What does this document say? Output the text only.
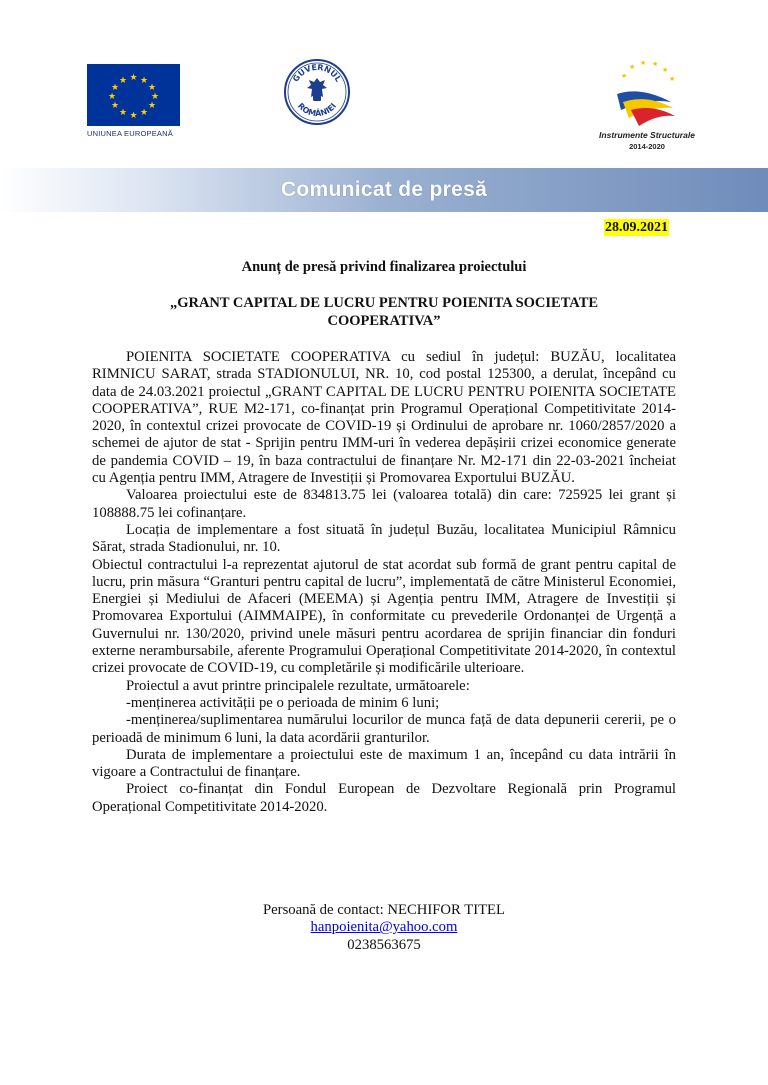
★ ★
★
★
★
★
★
★
★
★
★
★
UNIUNEA EUROPEANĂ
GUVERNUL
ROMÂNIEI
★
★ ★ ★
★
★
Instrumente Structurale
2014-2020
Comunicat de presă
28.09.2021
Anunț de presă privind finalizarea proiectului
„GRANT CAPITAL DE LUCRU PENTRU POIENITA SOCIETATE
COOPERATIVA”

POIENITA SOCIETATE COOPERATIVA cu sediul în județul: BUZĂU, localitatea RIMNICU SARAT, strada STADIONULUI, NR. 10, cod postal 125300, a derulat, începând cu data de 24.03.2021 proiectul „GRANT CAPITAL DE LUCRU PENTRU POIENITA SOCIETATE COOPERATIVA”, RUE M2-171, co-finanțat prin Programul Operațional Competitivitate 2014-2020, în contextul crizei provocate de COVID-19 și Ordinului de aprobare nr. 1060/2857/2020 a schemei de ajutor de stat - Sprijin pentru IMM-uri în vederea depășirii crizei economice generate de pandemia COVID – 19, în baza contractului de finanțare Nr. M2-171 din 22-03-2021 încheiat cu Agenția pentru IMM, Atragere de Investiții și Promovarea Exportului BUZĂU.

Valoarea proiectului este de 834813.75 lei (valoarea totală) din care: 725925 lei grant și 108888.75 lei cofinanțare.

Locația de implementare a fost situată în județul Buzău, localitatea Municipiul Râmnicu Sărat, strada Stadionului, nr. 10.

Obiectul contractului l-a reprezentat ajutorul de stat acordat sub formă de grant pentru capital de lucru, prin măsura “Granturi pentru capital de lucru”, implementată de către Ministerul Economiei, Energiei și Mediului de Afaceri (MEEMA) și Agenția pentru IMM, Atragere de Investiții și Promovarea Exportului (AIMMAIPE), în conformitate cu prevederile Ordonanței de Urgență a Guvernului nr. 130/2020, privind unele măsuri pentru acordarea de sprijin financiar din fonduri externe nerambursabile, aferente Programului Operațional Competitivitate 2014-2020, în contextul crizei provocate de COVID-19, cu completările și modificările ulterioare.

Proiectul a avut printre principalele rezultate, următoarele:

-menținerea activității pe o perioada de minim 6 luni;

-menținerea/suplimentarea numărului locurilor de munca față de data depunerii cererii, pe o perioadă de minimum 6 luni, la data acordării granturilor.

Durata de implementare a proiectului este de maximum 1 an, începând cu data intrării în vigoare a Contractului de finanțare.

Proiect co-finanțat din Fondul European de Dezvoltare Regională prin Programul Operațional Competitivitate 2014-2020.

Persoană de contact: NECHIFOR TITEL
hanpoienita@yahoo.com
0238563675
